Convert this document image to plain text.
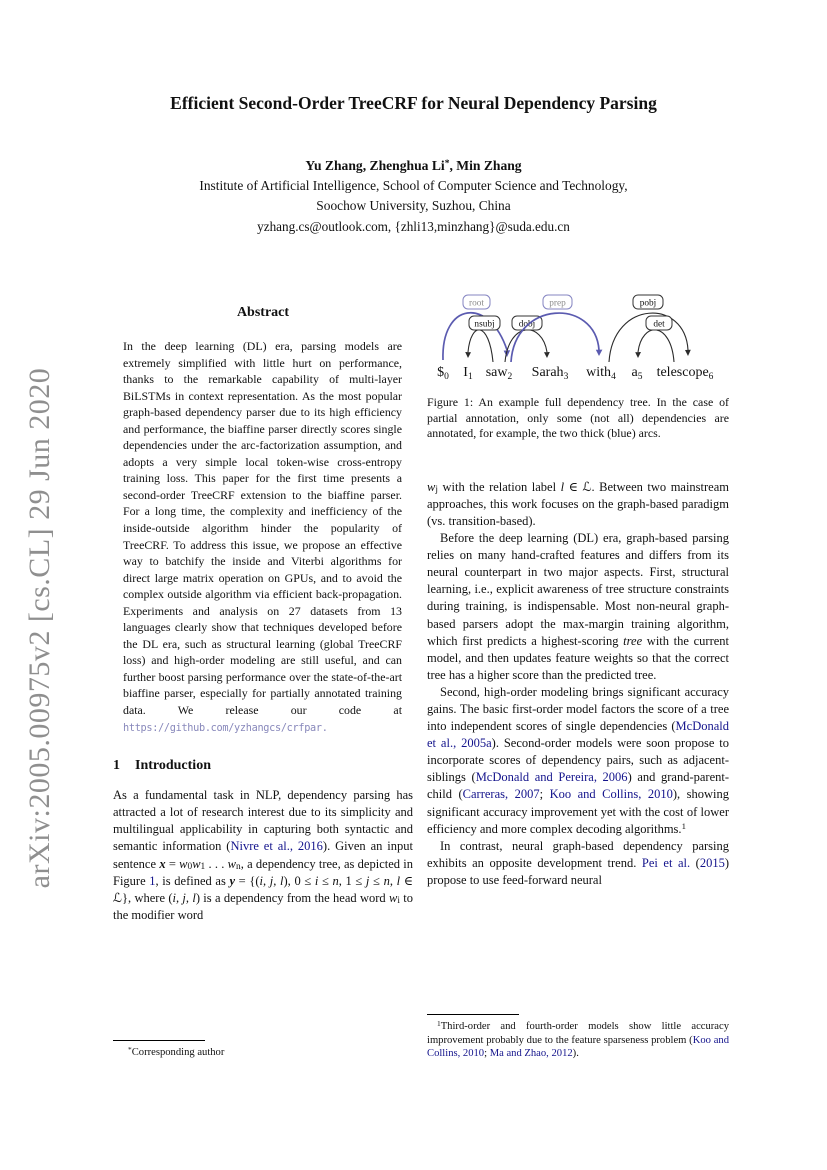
arXiv:2005.00975v2 [cs.CL] 29 Jun 2020
Efficient Second-Order TreeCRF for Neural Dependency Parsing
Yu Zhang, Zhenghua Li*, Min Zhang
Institute of Artificial Intelligence, School of Computer Science and Technology,
Soochow University, Suzhou, China
yzhang.cs@outlook.com, {zhli13,minzhang}@suda.edu.cn
Abstract

In the deep learning (DL) era, parsing models are extremely simplified with little hurt on performance, thanks to the remarkable capability of multi-layer BiLSTMs in context representation. As the most popular graph-based dependency parser due to its high efficiency and performance, the biaffine parser directly scores single dependencies under the arc-factorization assumption, and adopts a very simple local token-wise cross-entropy training loss. This paper for the first time presents a second-order TreeCRF extension to the biaffine parser. For a long time, the complexity and inefficiency of the inside-outside algorithm hinder the popularity of TreeCRF. To address this issue, we propose an effective way to batchify the inside and Viterbi algorithms for direct large matrix operation on GPUs, and to avoid the complex outside algorithm via efficient back-propagation. Experiments and analysis on 27 datasets from 13 languages clearly show that techniques developed before the DL era, such as structural learning (global TreeCRF loss) and high-order modeling are still useful, and can further boost parsing performance over the state-of-the-art biaffine parser, especially for partially annotated training data. We release our code at https://github.com/yzhangcs/crfpar.

1 Introduction

As a fundamental task in NLP, dependency parsing has attracted a lot of research interest due to its simplicity and multilingual applicability in capturing both syntactic and semantic information (Nivre et al., 2016). Given an input sentence x = w0w1 . . . wn, a dependency tree, as depicted in Figure 1, is defined as y = {(i, j, l), 0 ≤ i ≤ n, 1 ≤ j ≤ n, l ∈ ℒ}, where (i, j, l) is a dependency from the head word wi to the modifier word

root
nsubj	dobj
prep	pobj
det
$\$_0$ $I_1$ saw$_2$ Sarah$_3$ with$_4$ $a_5$ telescope$_6$
Figure 1: An example full dependency tree. In the case of partial annotation, only some (not all) dependencies are annotated, for example, the two thick (blue) arcs.

wj with the relation label l ∈ ℒ. Between two mainstream approaches, this work focuses on the graph-based paradigm (vs. transition-based).

Before the deep learning (DL) era, graph-based parsing relies on many hand-crafted features and differs from its neural counterpart in two major aspects. First, structural learning, i.e., explicit awareness of tree structure constraints during training, is indispensable. Most non-neural graph-based parsers adopt the max-margin training algorithm, which first predicts a highest-scoring tree with the current model, and then updates feature weights so that the correct tree has a higher score than the predicted tree.

Second, high-order modeling brings significant accuracy gains. The basic first-order model factors the score of a tree into independent scores of single dependencies (McDonald et al., 2005a). Second-order models were soon propose to incorporate scores of dependency pairs, such as adjacent-siblings (McDonald and Pereira, 2006) and grand-parent-child (Carreras, 2007; Koo and Collins, 2010), showing significant accuracy improvement yet with the cost of lower efficiency and more complex decoding algorithms.$^1$

In contrast, neural graph-based dependency parsing exhibits an opposite development trend. Pei et al. (2015) propose to use feed-forward neural

*Corresponding author

$^1$Third-order and fourth-order models show little accuracy improvement probably due to the feature sparseness problem (Koo and Collins, 2010; Ma and Zhao, 2012).
